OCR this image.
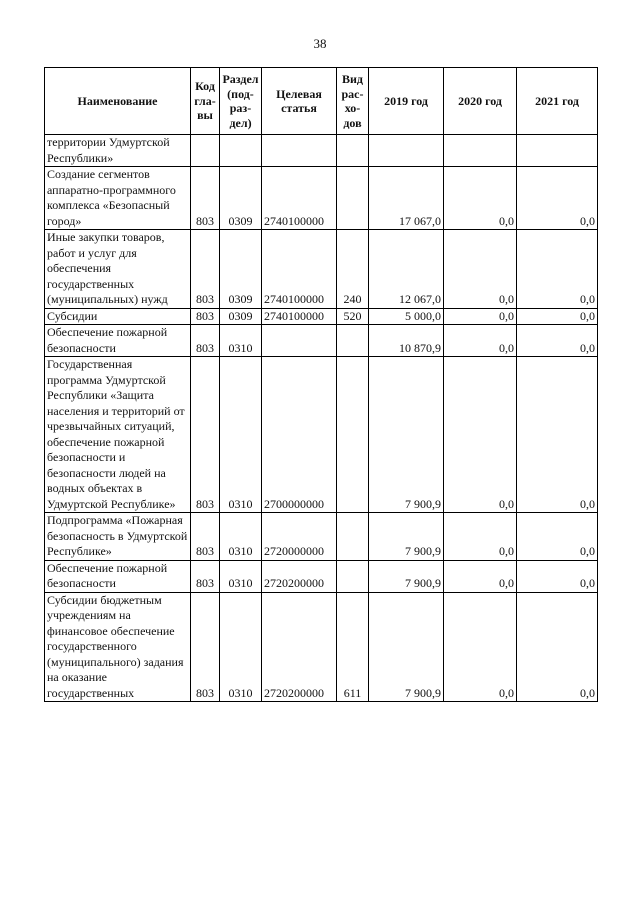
38
Наименование	Код гла-вы	Раздел (под-раз-дел)	Целевая статья	Вид рас-хо-дов	2019 год	2020 год	2021 год
территории Удмуртской Республики»							
Создание сегментов аппаратно-программного комплекса «Безопасный город»	803	0309	2740100000		17 067,0	0,0	0,0
Иные закупки товаров, работ и услуг для обеспечения государственных (муниципальных) нужд	803	0309	2740100000	240	12 067,0	0,0	0,0
Субсидии	803	0309	2740100000	520	5 000,0	0,0	0,0
Обеспечение пожарной безопасности	803	0310			10 870,9	0,0	0,0
Государственная программа Удмуртской Республики «Защита населения и территорий от чрезвычайных ситуаций, обеспечение пожарной безопасности и безопасности людей на водных объектах в Удмуртской Республике»	803	0310	2700000000		7 900,9	0,0	0,0
Подпрограмма «Пожарная безопасность в Удмуртской Республике»	803	0310	2720000000		7 900,9	0,0	0,0
Обеспечение пожарной безопасности	803	0310	2720200000		7 900,9	0,0	0,0
Субсидии бюджетным учреждениям на финансовое обеспечение государственного (муниципального) задания на оказание государственных	803	0310	2720200000	611	7 900,9	0,0	0,0
